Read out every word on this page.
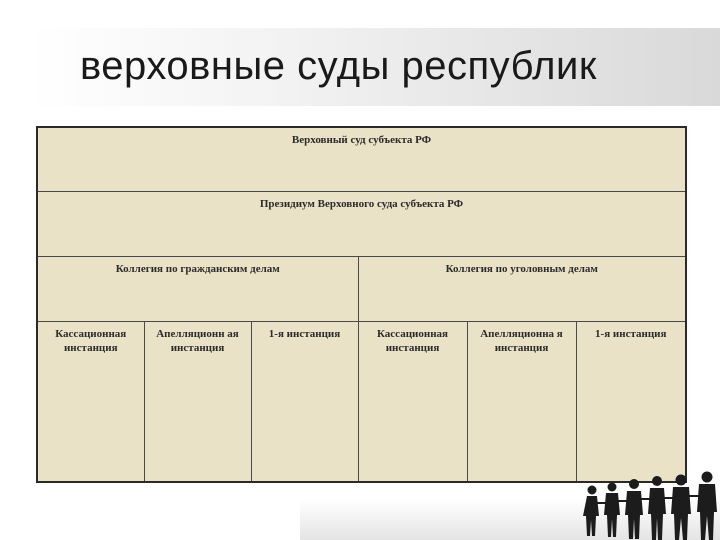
верховные суды республик
Верховный суд субъекта РФ					
Президиум Верховного суда субъекта РФ					
Коллегия по гражданским делам			Коллегия по уголовным делам		
Кассационная инстанция	Апелляционн ая инстанция	1-я инстанция	Кассационная инстанция	Апелляционна я инстанция	1-я инстанция
